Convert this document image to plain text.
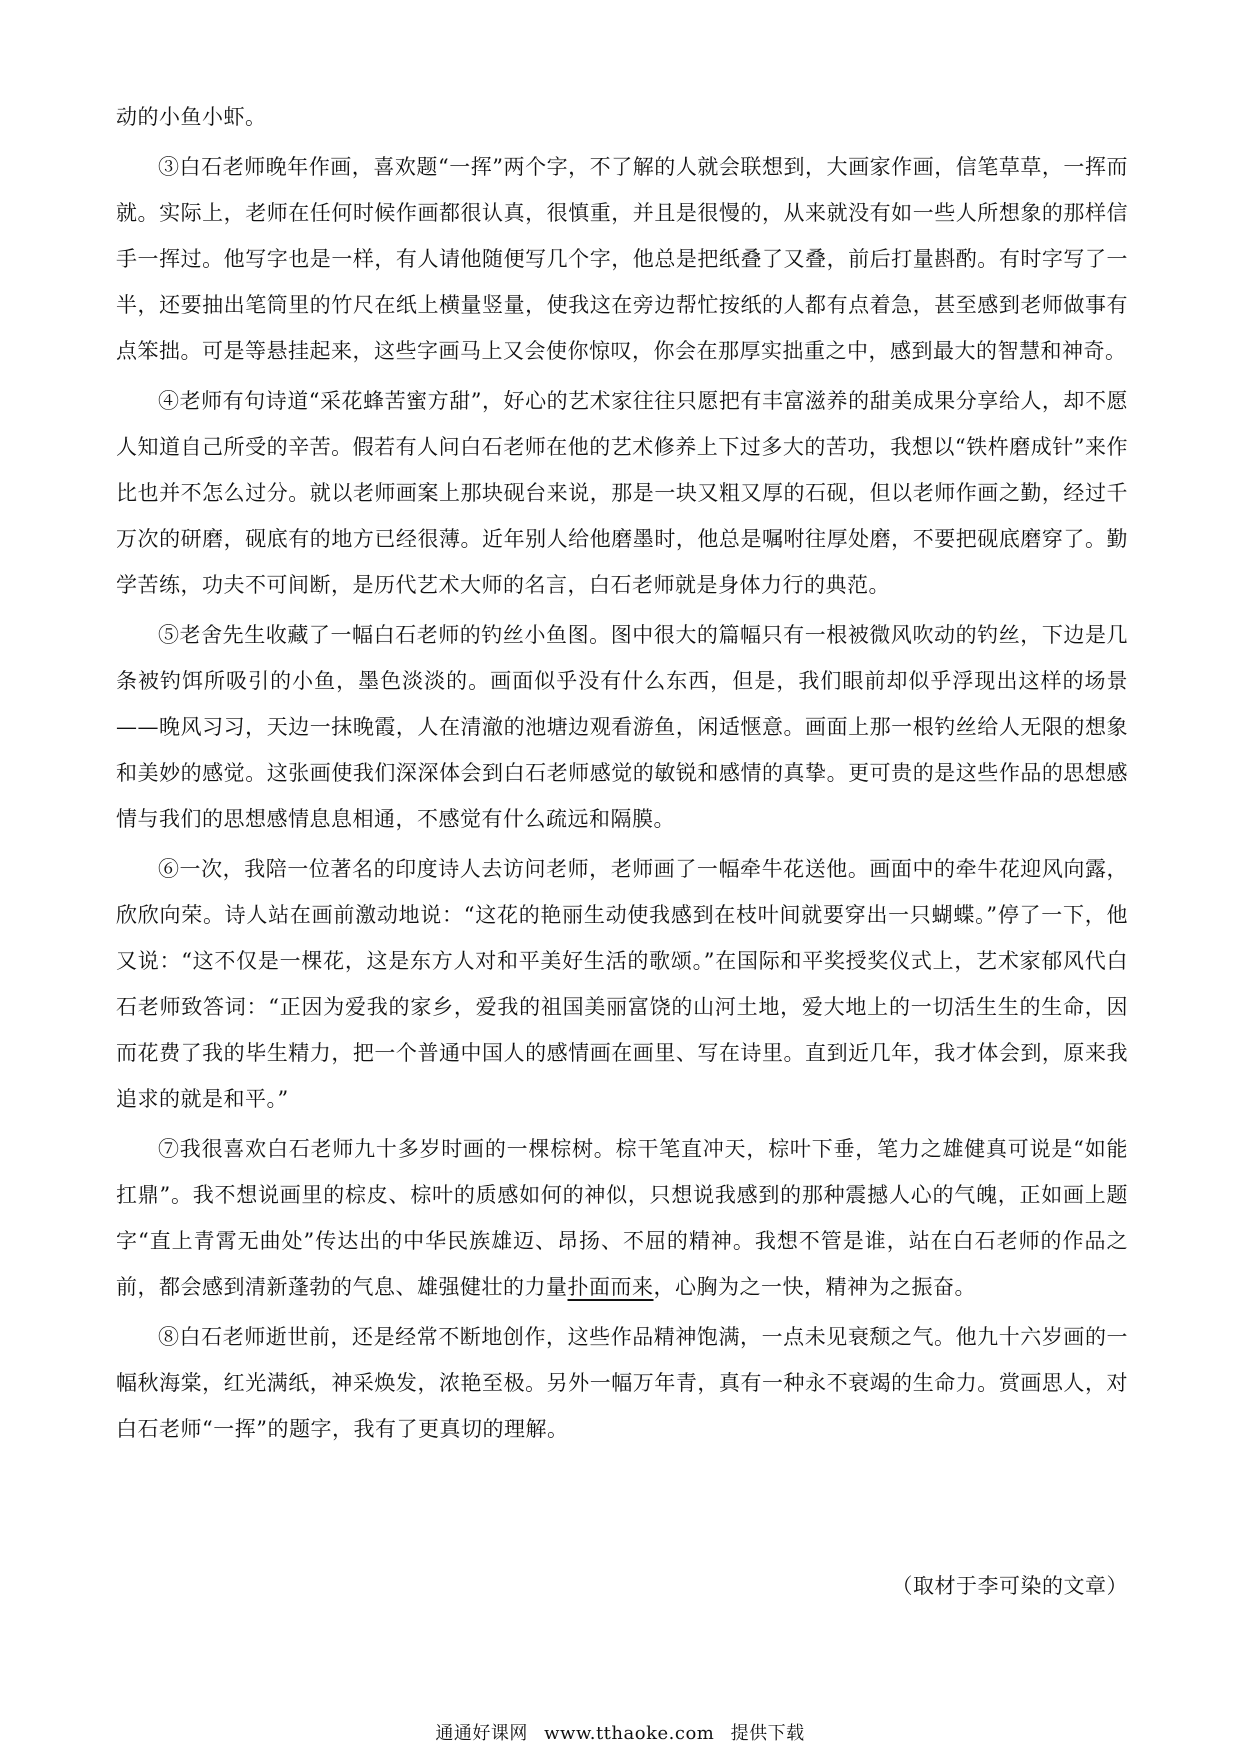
动的小鱼小虾。

③白石老师晚年作画，喜欢题“一挥”两个字，不了解的人就会联想到，大画家作画，信笔草草，一挥而就。实际上，老师在任何时候作画都很认真，很慎重，并且是很慢的，从来就没有如一些人所想象的那样信手一挥过。他写字也是一样，有人请他随便写几个字，他总是把纸叠了又叠，前后打量斟酌。有时字写了一半，还要抽出笔筒里的竹尺在纸上横量竖量，使我这在旁边帮忙按纸的人都有点着急，甚至感到老师做事有点笨拙。可是等悬挂起来，这些字画马上又会使你惊叹，你会在那厚实拙重之中，感到最大的智慧和神奇。

④老师有句诗道“采花蜂苦蜜方甜”，好心的艺术家往往只愿把有丰富滋养的甜美成果分享给人，却不愿人知道自己所受的辛苦。假若有人问白石老师在他的艺术修养上下过多大的苦功，我想以“铁杵磨成针”来作比也并不怎么过分。就以老师画案上那块砚台来说，那是一块又粗又厚的石砚，但以老师作画之勤，经过千万次的研磨，砚底有的地方已经很薄。近年别人给他磨墨时，他总是嘱咐往厚处磨，不要把砚底磨穿了。勤学苦练，功夫不可间断，是历代艺术大师的名言，白石老师就是身体力行的典范。

⑤老舍先生收藏了一幅白石老师的钓丝小鱼图。图中很大的篇幅只有一根被微风吹动的钓丝，下边是几条被钓饵所吸引的小鱼，墨色淡淡的。画面似乎没有什么东西，但是，我们眼前却似乎浮现出这样的场景——晚风习习，天边一抹晚霞，人在清澈的池塘边观看游鱼，闲适惬意。画面上那一根钓丝给人无限的想象和美妙的感觉。这张画使我们深深体会到白石老师感觉的敏锐和感情的真挚。更可贵的是这些作品的思想感情与我们的思想感情息息相通，不感觉有什么疏远和隔膜。

⑥一次，我陪一位著名的印度诗人去访问老师，老师画了一幅牵牛花送他。画面中的牵牛花迎风向露，欣欣向荣。诗人站在画前激动地说：“这花的艳丽生动使我感到在枝叶间就要穿出一只蝴蝶。”停了一下，他又说：“这不仅是一棵花，这是东方人对和平美好生活的歌颂。”在国际和平奖授奖仪式上，艺术家郁风代白石老师致答词：“正因为爱我的家乡，爱我的祖国美丽富饶的山河土地，爱大地上的一切活生生的生命，因而花费了我的毕生精力，把一个普通中国人的感情画在画里、写在诗里。直到近几年，我才体会到，原来我追求的就是和平。”

⑦我很喜欢白石老师九十多岁时画的一棵棕树。棕干笔直冲天，棕叶下垂，笔力之雄健真可说是“如能扛鼎”。我不想说画里的棕皮、棕叶的质感如何的神似，只想说我感到的那种震撼人心的气魄，正如画上题字“直上青霄无曲处”传达出的中华民族雄迈、昂扬、不屈的精神。我想不管是谁，站在白石老师的作品之前，都会感到清新蓬勃的气息、雄强健壮的力量扑面而来，心胸为之一快，精神为之振奋。

⑧白石老师逝世前，还是经常不断地创作，这些作品精神饱满，一点未见衰颓之气。他九十六岁画的一幅秋海棠，红光满纸，神采焕发，浓艳至极。另外一幅万年青，真有一种永不衰竭的生命力。赏画思人，对白石老师“一挥”的题字，我有了更真切的理解。

（取材于李可染的文章）
通通好课网 www.tthaoke.com 提供下载
